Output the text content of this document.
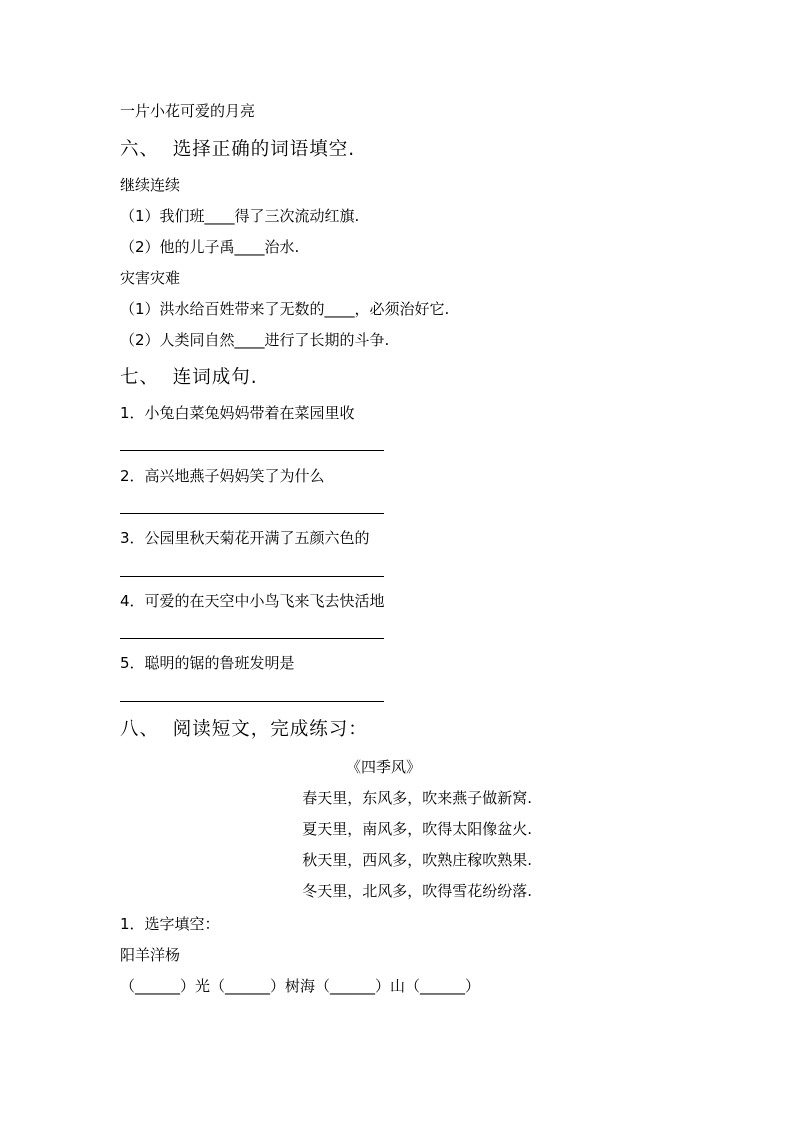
一片小花可爱的月亮
六、  选择正确的词语填空.
继续连续
（1）我们班____得了三次流动红旗.
（2）他的儿子禹____治水.
灾害灾难
（1）洪水给百姓带来了无数的____，必须治好它.
（2）人类同自然____进行了长期的斗争.
七、  连词成句.
1．小兔白菜兔妈妈带着在菜园里收
2．高兴地燕子妈妈笑了为什么
3．公园里秋天菊花开满了五颜六色的
4．可爱的在天空中小鸟飞来飞去快活地
5．聪明的锯的鲁班发明是
八、  阅读短文，完成练习：
《四季风》
春天里，东风多，吹来燕子做新窝.
夏天里，南风多，吹得太阳像盆火.
秋天里，西风多，吹熟庄稼吹熟果.
冬天里，北风多，吹得雪花纷纷落.
1．选字填空：
阳羊洋杨
（______）光（______）树海（______）山（______）
